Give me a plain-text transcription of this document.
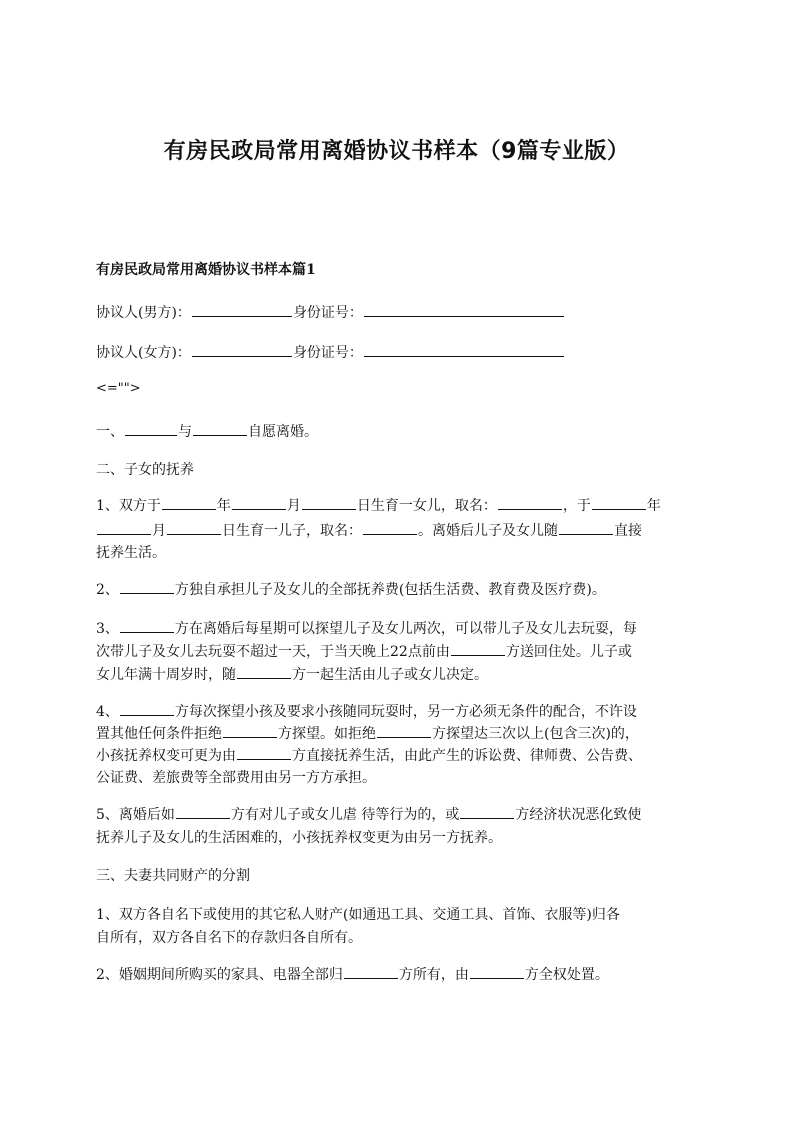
有房民政局常用离婚协议书样本（9篇专业版）
有房民政局常用离婚协议书样本篇1
协议人(男方)：	身份证号：
协议人(女方)：	身份证号：
<="">
一、	与	自愿离婚。
二、子女的抚养
1、双方于	年	月	日生育一女儿，取名：	，于	年
月	日生育一儿子，取名：	。离婚后儿子及女儿随	直接
抚养生活。
2、	方独自承担儿子及女儿的全部抚养费(包括生活费、教育费及医疗费)。
3、	方在离婚后每星期可以探望儿子及女儿两次，可以带儿子及女儿去玩耍，每
次带儿子及女儿去玩耍不超过一天，于当天晚上22点前由	方送回住处。儿子或
女儿年满十周岁时，随	方一起生活由儿子或女儿决定。
4、	方每次探望小孩及要求小孩随同玩耍时，另一方必须无条件的配合，不许设
置其他任何条件拒绝	方探望。如拒绝	方探望达三次以上(包含三次)的，
小孩抚养权变可更为由	方直接抚养生活，由此产生的诉讼费、律师费、公告费、
公证费、差旅费等全部费用由另一方方承担。
5、离婚后如	方有对儿子或女儿虐 待等行为的，或	方经济状况恶化致使
抚养儿子及女儿的生活困难的，小孩抚养权变更为由另一方抚养。
三、夫妻共同财产的分割
1、双方各自名下或使用的其它私人财产(如通迅工具、交通工具、首饰、衣服等)归各
自所有，双方各自名下的存款归各自所有。
2、婚姻期间所购买的家具、电器全部归	方所有，由	方全权处置。
